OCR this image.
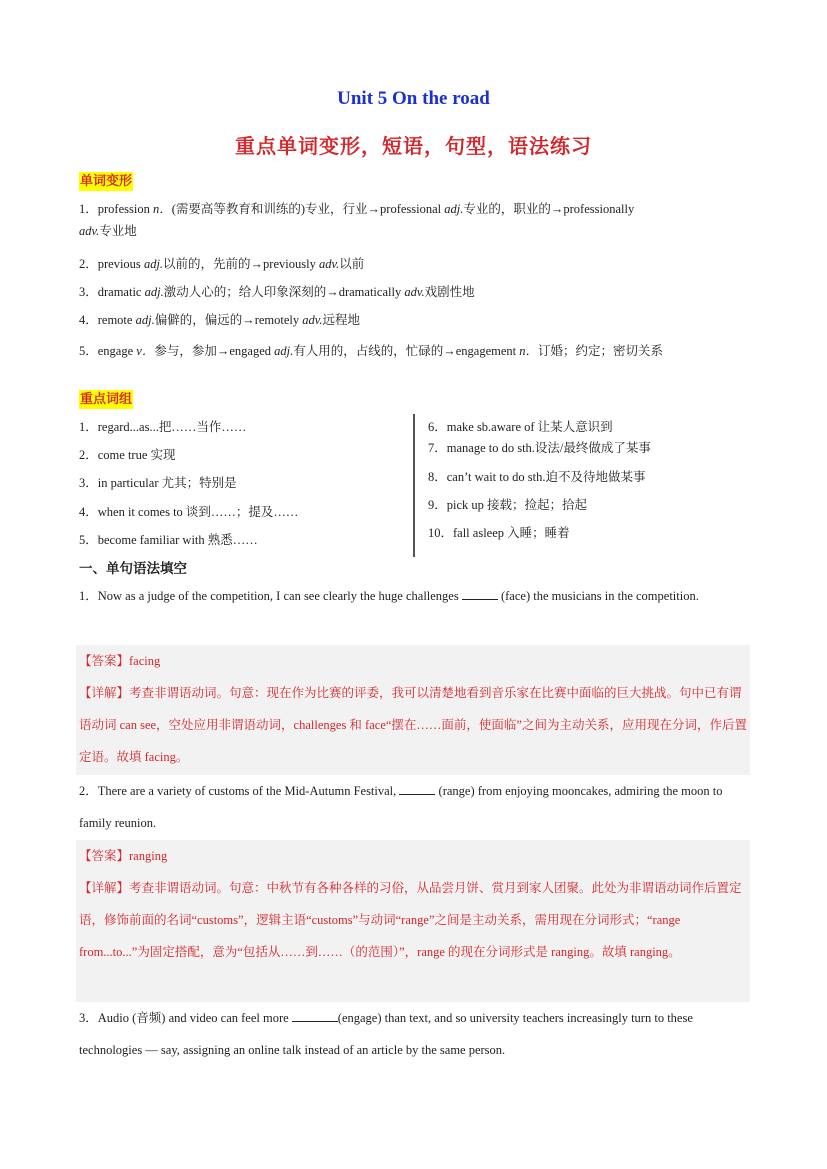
Unit 5 On the road
重点单词变形，短语，句型，语法练习
单词变形
1．profession n．(需要高等教育和训练的)专业，行业→professional adj.专业的，职业的→professionally
adv.专业地
2．previous adj.以前的，先前的→previously adv.以前
3．dramatic adj.激动人心的；给人印象深刻的→dramatically adv.戏剧性地
4．remote adj.偏僻的，偏远的→remotely adv.远程地
5．engage v．参与，参加→engaged adj.有人用的，占线的，忙碌的→engagement n．订婚；约定；密切关系
重点词组
1．regard...as...把……当作……
2．come true 实现
3．in particular 尤其；特别是
4．when it comes to 谈到……；提及……
5．become familiar with 熟悉……
6．make sb.aware of 让某人意识到
7．manage to do sth.设法/最终做成了某事
8．can’t wait to do sth.迫不及待地做某事
9．pick up 接载；捡起；拾起
10．fall asleep 入睡；睡着
一、单句语法填空
1．Now as a judge of the competition, I can see clearly the huge challenges	(face) the musicians in the competition.
【答案】facing
【详解】考查非谓语动词。句意：现在作为比赛的评委，我可以清楚地看到音乐家在比赛中面临的巨大挑战。句中已有谓语动词 can see，空处应用非谓语动词，challenges 和 face“摆在……面前，使面临”之间为主动关系，应用现在分词，作后置定语。故填 facing。
2．There are a variety of customs of the Mid-Autumn Festival,	(range) from enjoying mooncakes, admiring the moon to family reunion.
【答案】ranging
【详解】考查非谓语动词。句意：中秋节有各种各样的习俗，从品尝月饼、赏月到家人团聚。此处为非谓语动词作后置定语，修饰前面的名词“customs”，逻辑主语“customs”与动词“range”之间是主动关系，需用现在分词形式；“range from...to...”为固定搭配，意为“包括从……到……（的范围）”，range 的现在分词形式是 ranging。故填 ranging。
3．Audio (音频) and video can feel more	(engage) than text, and so university teachers increasingly turn to these technologies — say, assigning an online talk instead of an article by the same person.
